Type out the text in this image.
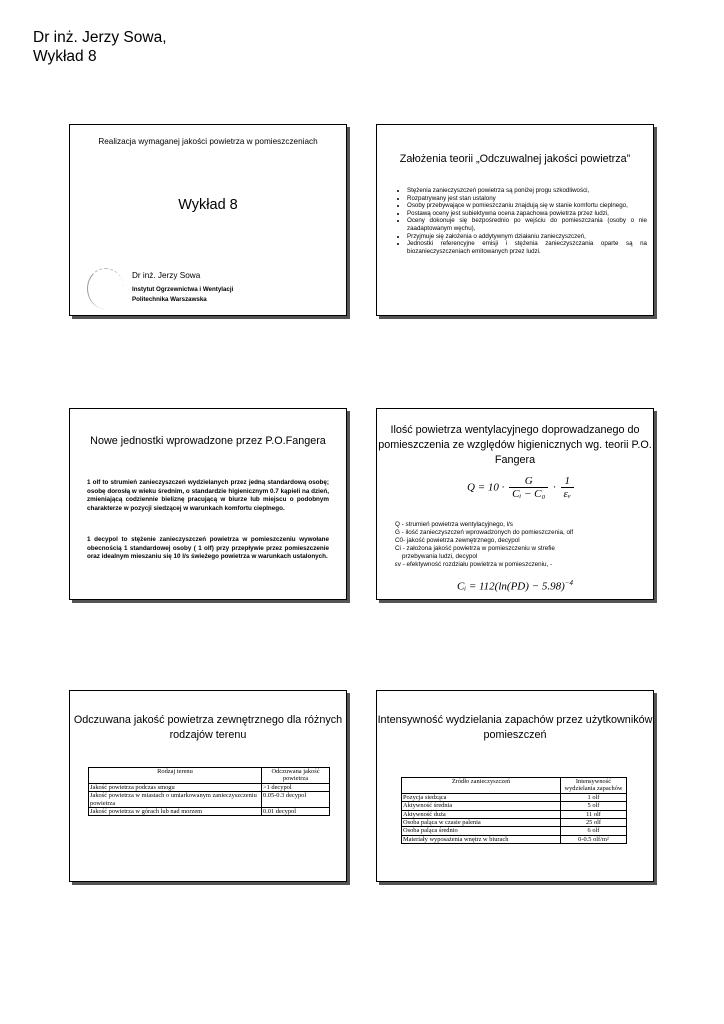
Dr inż. Jerzy Sowa,
Wykład 8
Realizacja wymaganej jakości powietrza w pomieszczeniach
Wykład 8
Dr inż. Jerzy Sowa
Instytut Ogrzewnictwa i Wentylacji
Politechnika Warszawska
Założenia teorii „Odczuwalnej jakości powietrza”
• Stężenia zanieczyszczeń powietrza są poniżej progu szkodliwości,
• Rozpatrywany jest stan ustalony
• Osoby przebywające w pomieszczaniu znajdują się w stanie komfortu cieplnego,
• Postawą oceny jest subiektywna ocena zapachowa powietrza przez ludzi,
• Oceny dokonuje się bezpośrednio po wejściu do pomieszczania (osoby o nie zaadaptowanym węchu),
• Przyjmuje się założenia o addytywnym działaniu zanieczyszczeń,
• Jednostki referencyjne emisji i stężenia zanieczyszczania oparte są na biozanieczyszczeniach emitowanych przez ludzi.
Nowe jednostki wprowadzone przez P.O.Fangera
1 olf to strumień zanieczyszczeń wydzielanych przez jedną standardową osobę; osobę dorosłą w wieku średnim, o standardzie higienicznym 0.7 kąpieli na dzień, zmieniającą codziennie bieliznę pracującą w biurze lub miejscu o podobnym charakterze w pozycji siedzącej w warunkach komfortu cieplnego.
1 decypol to stężenie zanieczyszczeń powietrza w pomieszczeniu wywołane obecnością 1 standardowej osoby ( 1 olf) przy przepływie przez pomieszczenie oraz idealnym mieszaniu się 10 l/s świeżego powietrza w warunkach ustalonych.
Ilość powietrza wentylacyjnego doprowadzanego do pomieszczenia ze względów higienicznych wg. teorii P.O. Fangera
$Q = 10 \cdot \frac{G}{\text{Cᵢ − C₀}} \cdot \frac{1}{\text{εᵥ}}$
Q - strumień powietrza wentylacyjnego, l/s
G - ilość zanieczyszczeń wprowadzonych do pomieszczenia, olf
C0- jakość powietrza zewnętrznego, decypol
Ci - założona jakość powietrza w pomieszczeniu w strefie
przebywania ludzi, decypol
εv - efektywność rozdziału powietrza w pomieszczeniu, -
Cᵢ = $112(\ln(PD) - 5.98)^{-4}$
Odczuwana jakość powietrza zewnętrznego dla różnych rodzajów terenu
Rodzaj terenu	Odczuwana jakość powietrza
Jakość powietrza podczas smogu	>1 decypol
Jakość powietrza w miastach o umiarkowanym zanieczyszczeniu powietrza	0.05-0.3 decypol
Jakość powietrza w górach lub nad morzem	0.01 decypol
Intensywność wydzielania zapachów przez użytkowników pomieszczeń
Źródło zanieczyszczeń	Intensywność wydzielania zapachów
Pozycja siedząca	1 olf
Aktywność średnia	5 olf
Aktywność duża	11 olf
Osoba paląca w czasie palenia	25 olf
Osoba paląca średnio	6 olf
Materiały wyposażenia wnętrz w biurach	0-0.5 olf/m²
